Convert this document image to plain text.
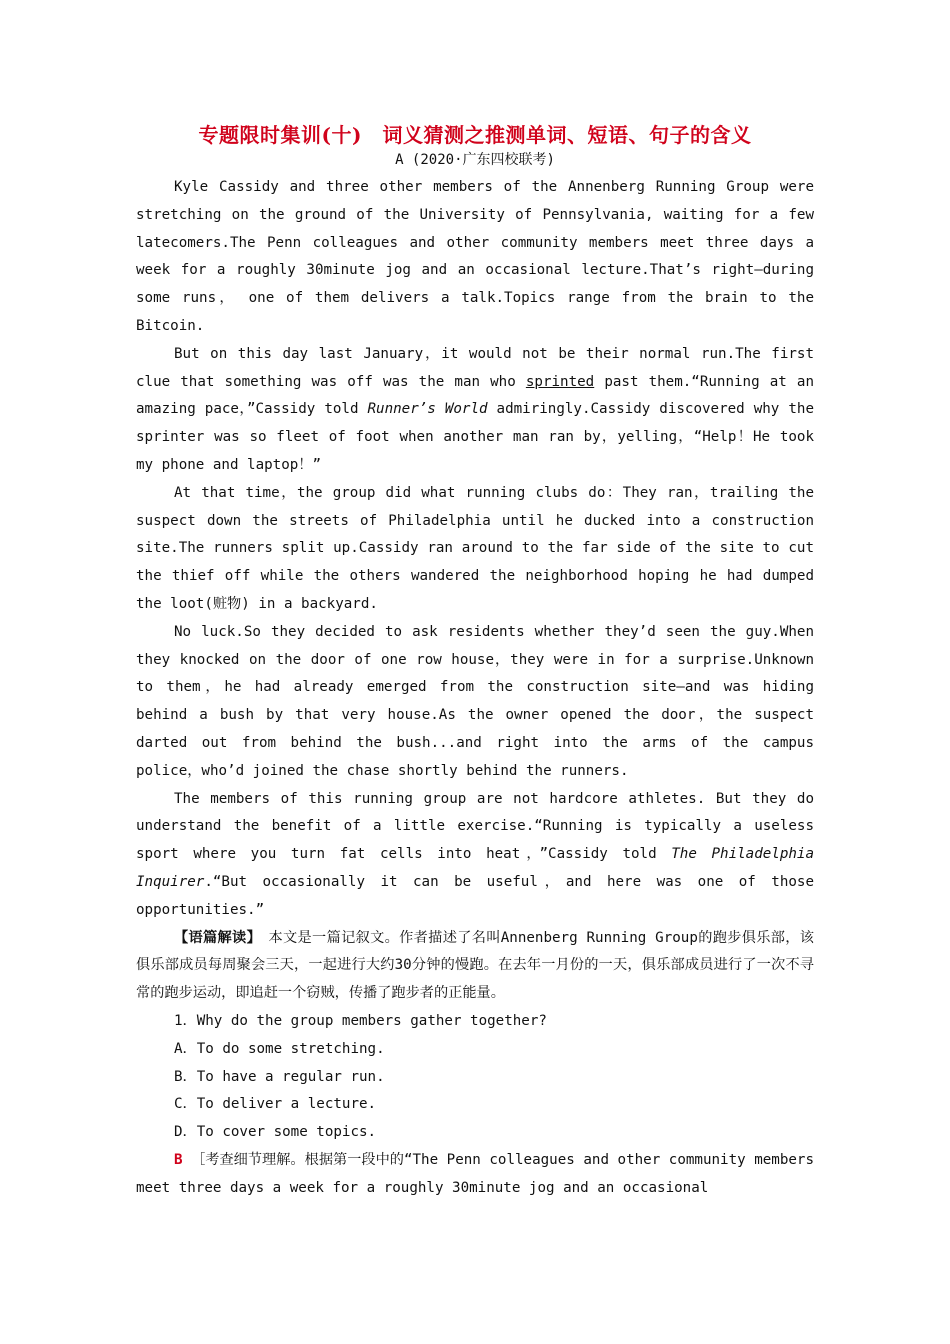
专题限时集训(十)　词义猜测之推测单词、短语、句子的含义

A (2020·广东四校联考)

Kyle Cassidy and three other members of the Annenberg Running Group were stretching on the ground of the University of Pennsylvania, waiting for a few latecomers.The Penn colleagues and other community members meet three days a week for a roughly 30minute jog and an occasional lecture.That’s right—during some runs， one of them delivers a talk.Topics range from the brain to the Bitcoin.

But on this day last January，it would not be their normal run.The first clue that something was off was the man who sprinted past them.“Running at an amazing pace，”Cassidy told Runner’s World admiringly.Cassidy discovered why the sprinter was so fleet of foot when another man ran by，yelling，“Help！He took my phone and laptop！”

At that time，the group did what running clubs do：They ran，trailing the suspect down the streets of Philadelphia until he ducked into a construction site.The runners split up.Cassidy ran around to the far side of the site to cut the thief off while the others wandered the neighborhood hoping he had dumped the loot(赃物) in a backyard.

No luck.So they decided to ask residents whether they’d seen the guy.When they knocked on the door of one row house，they were in for a surprise.Unknown to them，he had already emerged from the construction site—and was hiding behind a bush by that very house.As the owner opened the door，the suspect darted out from behind the bush...and right into the arms of the campus police，who’d joined the chase shortly behind the runners.

The members of this running group are not hardcore athletes. But they do understand the benefit of a little exercise.“Running is typically a useless sport where you turn fat cells into heat，”Cassidy told The Philadelphia Inquirer.“But occasionally it can be useful，and here was one of those opportunities.”

【语篇解读】　本文是一篇记叙文。作者描述了名叫Annenberg Running Group的跑步俱乐部，该俱乐部成员每周聚会三天，一起进行大约30分钟的慢跑。在去年一月份的一天，俱乐部成员进行了一次不寻常的跑步运动，即追赶一个窃贼，传播了跑步者的正能量。

1．Why do the group members gather together?

A．To do some stretching.

B．To have a regular run.

C．To deliver a lecture.

D．To cover some topics.

B ［考查细节理解。根据第一段中的“The Penn colleagues and other community members meet three days a week for a roughly 30minute jog and an occasional
